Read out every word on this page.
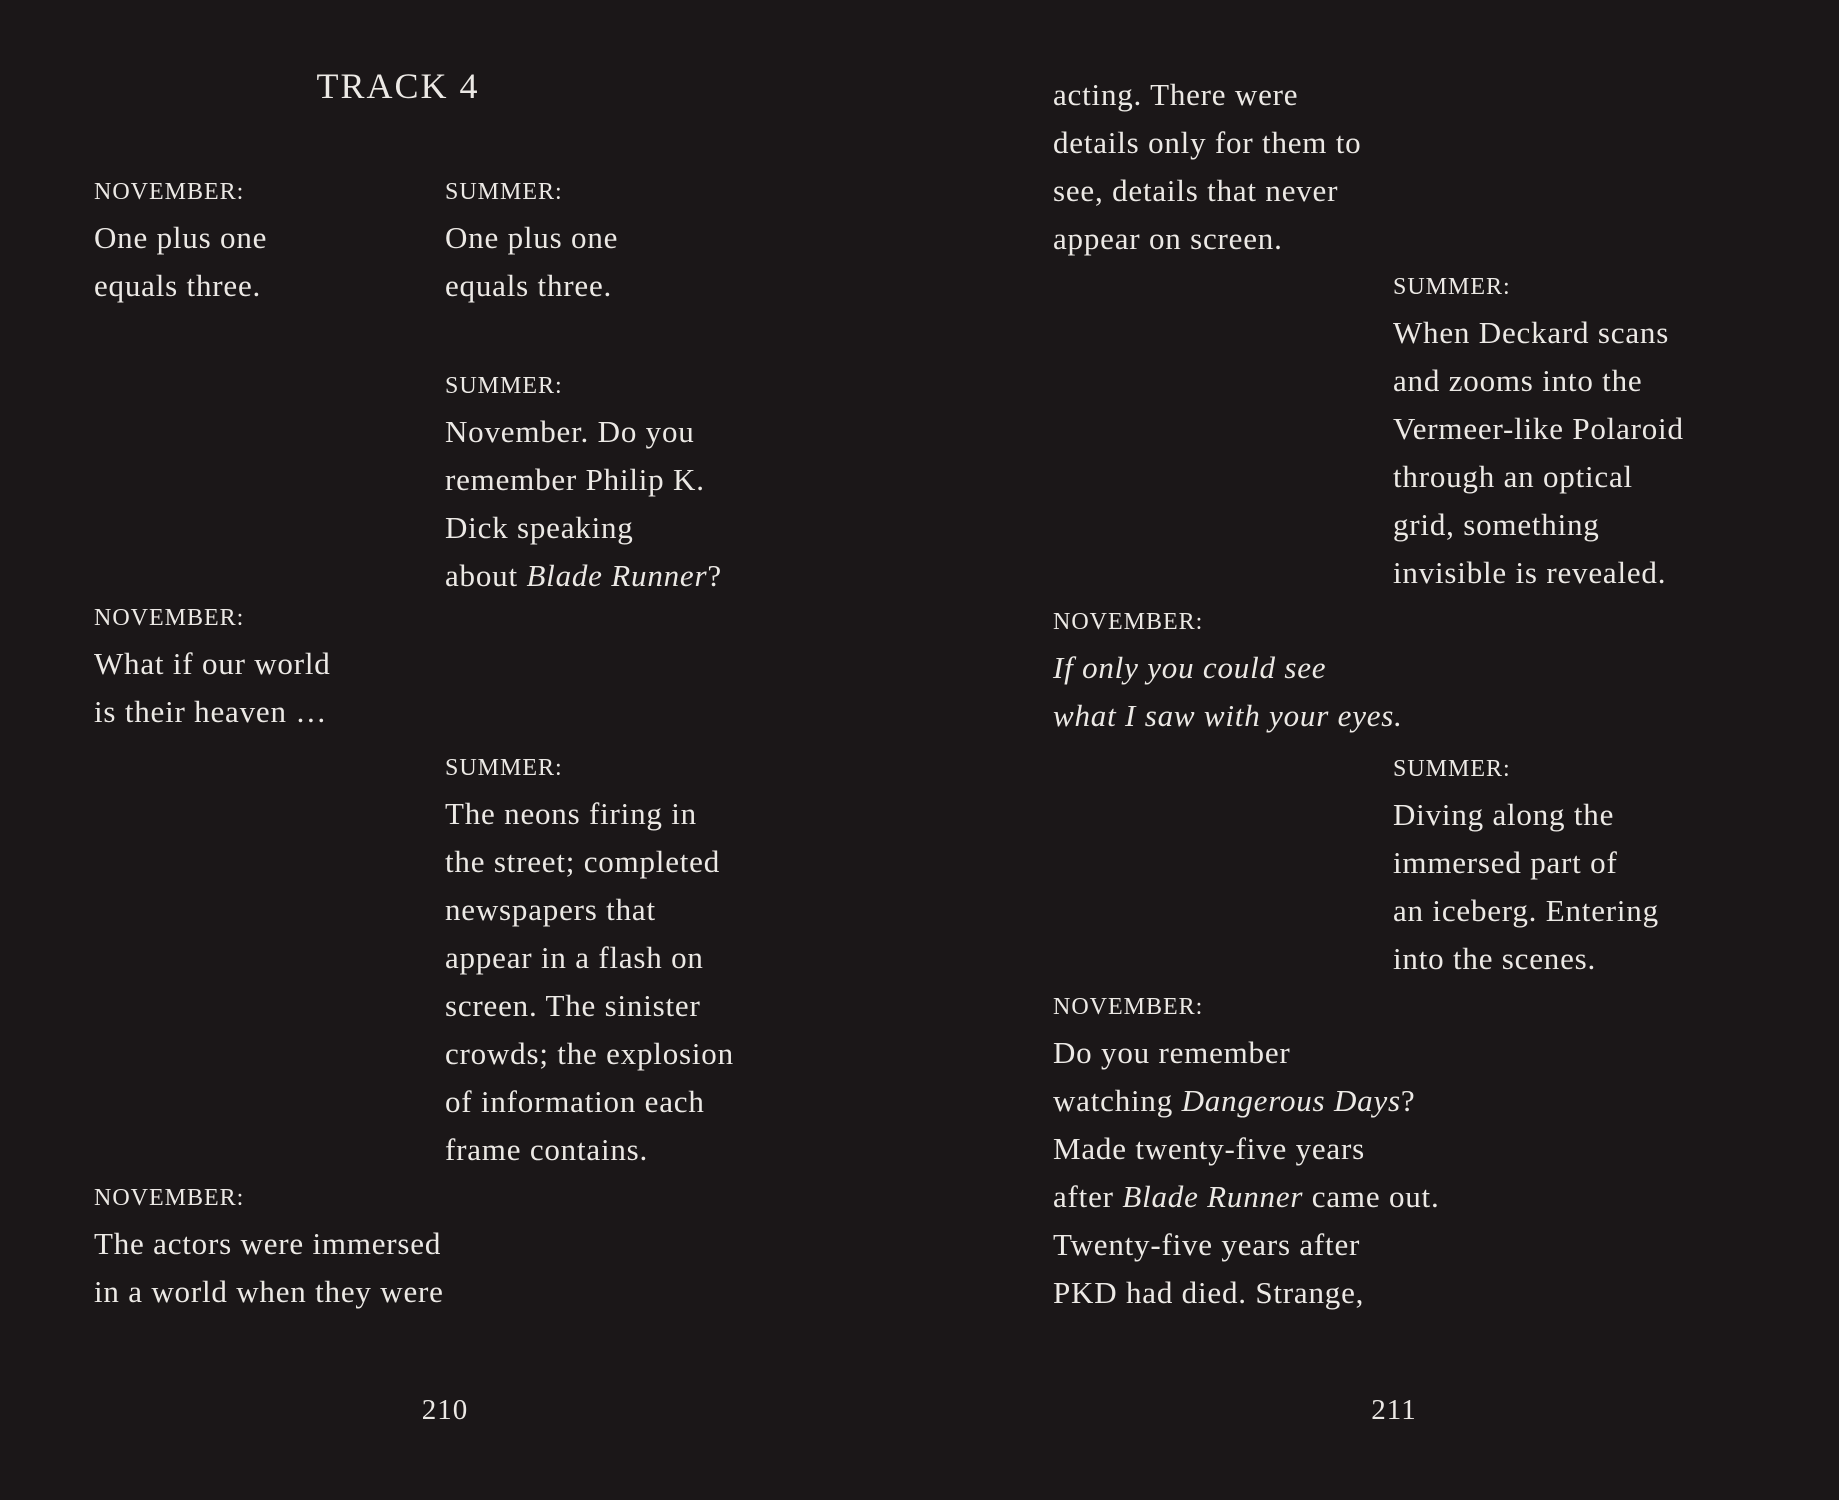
TRACK 4
NOVEMBER:
One plus one
equals three.
SUMMER:
One plus one
equals three.
SUMMER:
November. Do you
remember Philip K.
Dick speaking
about Blade Runner?
NOVEMBER:
What if our world
is their heaven …
SUMMER:
The neons firing in
the street; completed
newspapers that
appear in a flash on
screen. The sinister
crowds; the explosion
of information each
frame contains.
NOVEMBER:
The actors were immersed
in a world when they were
210
acting. There were
details only for them to
see, details that never
appear on screen.
SUMMER:
When Deckard scans
and zooms into the
Vermeer-like Polaroid
through an optical
grid, something
invisible is revealed.
NOVEMBER:
If only you could see
what I saw with your eyes.
SUMMER:
Diving along the
immersed part of
an iceberg. Entering
into the scenes.
NOVEMBER:
Do you remember
watching Dangerous Days?
Made twenty-five years
after Blade Runner came out.
Twenty-five years after
PKD had died. Strange,
211
